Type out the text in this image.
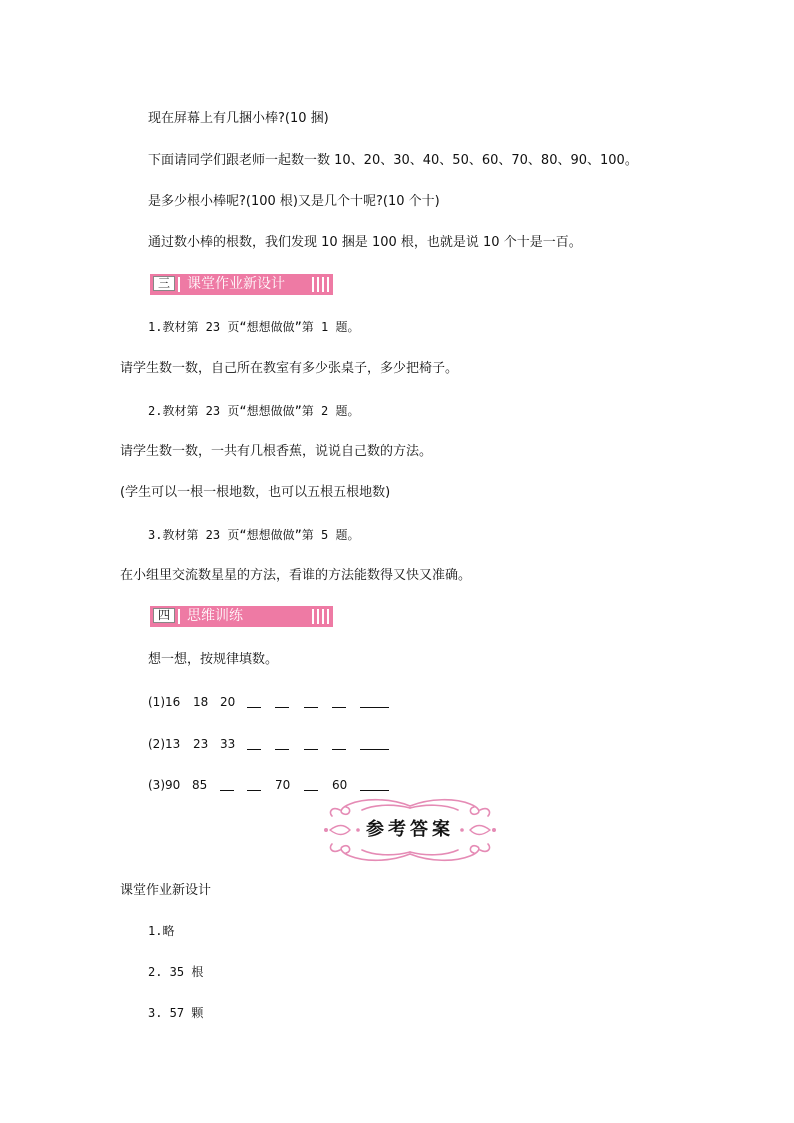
现在屏幕上有几捆小棒?(10 捆)
下面请同学们跟老师一起数一数 10、20、30、40、50、60、70、80、90、100。
是多少根小棒呢?(100 根)又是几个十呢?(10 个十)
通过数小棒的根数，我们发现 10 捆是 100 根，也就是说 10 个十是一百。
三	课堂作业新设计
1.教材第 23 页“想想做做”第 1 题。
请学生数一数，自己所在教室有多少张桌子，多少把椅子。
2.教材第 23 页“想想做做”第 2 题。
请学生数一数，一共有几根香蕉，说说自己数的方法。
(学生可以一根一根地数，也可以五根五根地数)
3.教材第 23 页“想想做做”第 5 题。
在小组里交流数星星的方法，看谁的方法能数得又快又准确。
四	思维训练
想一想，按规律填数。
(1)16 18 20
(2)13 23 33
(3)90 85	70	60
参考答案
课堂作业新设计
1.略
2. 35 根
3. 57 颗
